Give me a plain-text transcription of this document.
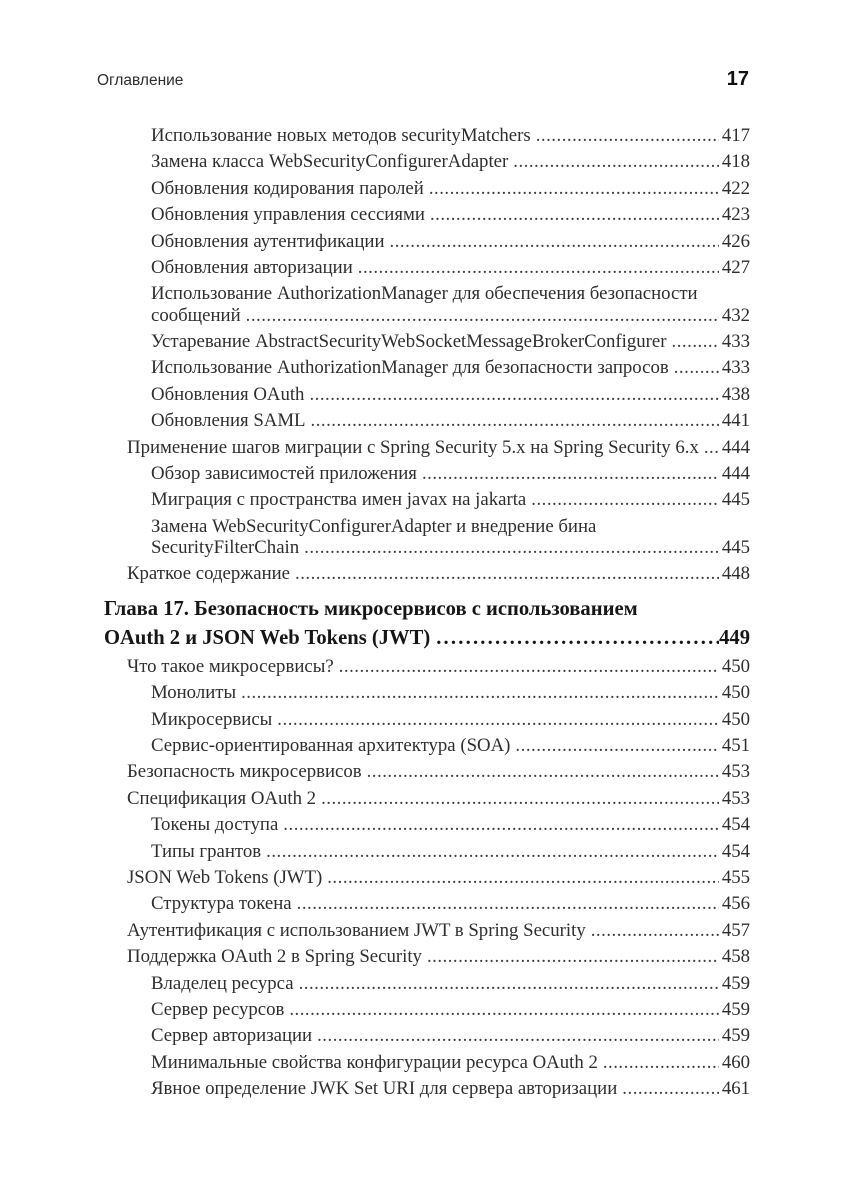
Оглавление	17
Использование новых методов securityMatchers .....	417
Замена класса WebSecurityConfigurerAdapter .....	418
Обновления кодирования паролей .....	422
Обновления управления сессиями .....	423
Обновления аутентификации .....	426
Обновления авторизации .....	427
Использование AuthorizationManager для обеспечения безопасности
сообщений .....	432
Устаревание AbstractSecurityWebSocketMessageBrokerConfigurer .....	433
Использование AuthorizationManager для безопасности запросов .....	433
Обновления OAuth .....	438
Обновления SAML .....	441
Применение шагов миграции с Spring Security 5.x на Spring Security 6.x ..... 444
Обзор зависимостей приложения .....	444
Миграция с пространства имен javax на jakarta .....	445
Замена WebSecurityConfigurerAdapter и внедрение бина
SecurityFilterChain .....	445
Краткое содержание .....	448
Глава 17. Безопасность микросервисов с использованием
OAuth 2 и JSON Web Tokens (JWT) .....	449
Что такое микросервисы? .....	450
Монолиты .....	450
Микросервисы .....	450
Сервис-ориентированная архитектура (SOA) .....	451
Безопасность микросервисов .....	453
Спецификация OAuth 2 .....	453
Токены доступа .....	454
Типы грантов .....	454
JSON Web Tokens (JWT) .....	455
Структура токена .....	456
Аутентификация с использованием JWT в Spring Security .....	457
Поддержка OAuth 2 в Spring Security .....	458
Владелец ресурса .....	459
Сервер ресурсов .....	459
Сервер авторизации .....	459
Минимальные свойства конфигурации ресурса OAuth 2 .....	460
Явное определение JWK Set URI для сервера авторизации .....	461
